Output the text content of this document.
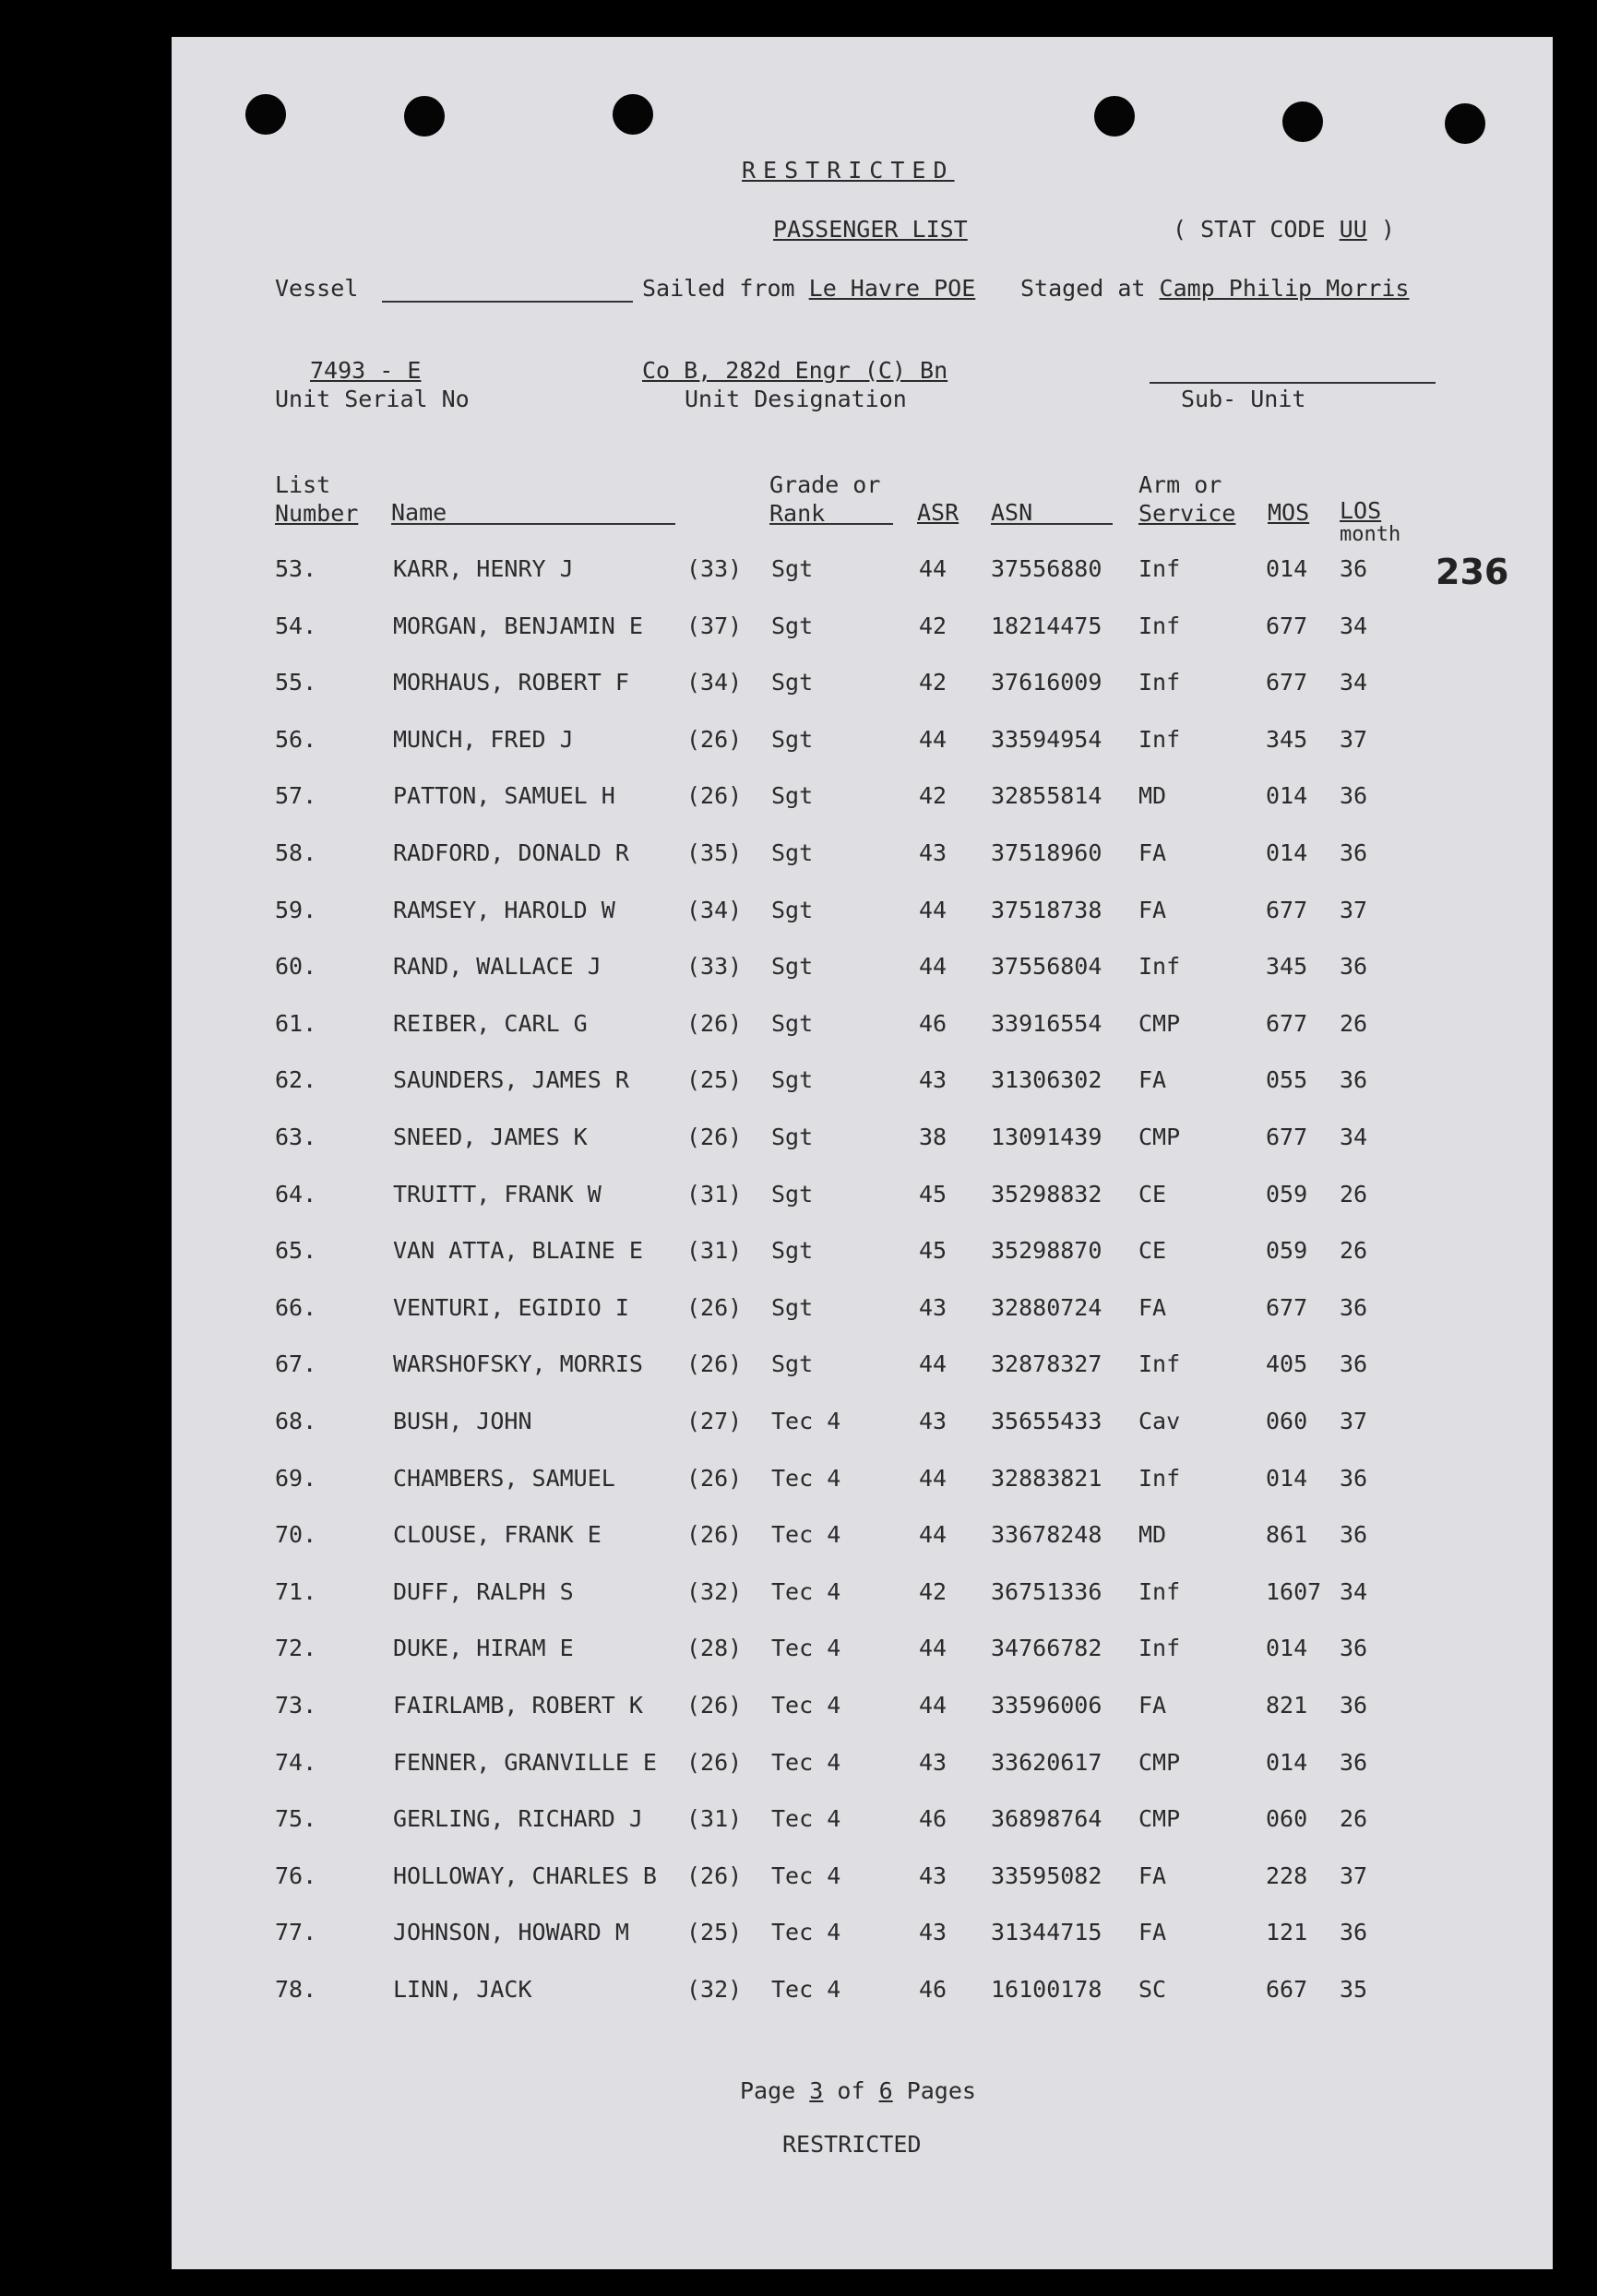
RESTRICTED
PASSENGER LIST	( STAT CODE UU )
Vessel	Sailed from Le Havre POE Staged at Camp Philip Morris
7493 - E
Unit Serial No
Co B, 282d Engr (C) Bn
Unit Designation	Sub- Unit
List
Number Name
Grade or
Rank	ASR ASN
Arm or
Service MOS LOS
month
236
53.	KARR, HENRY J	(33) Sgt	44 37556880 Inf	014 36
54.	MORGAN, BENJAMIN E (37) Sgt	42 18214475 Inf	677 34
55.	MORHAUS, ROBERT F (34) Sgt	42 37616009 Inf	677 34
56.	MUNCH, FRED J	(26) Sgt	44 33594954 Inf	345 37
57.	PATTON, SAMUEL H	(26) Sgt	42 32855814 MD	014 36
58.	RADFORD, DONALD R (35) Sgt	43 37518960 FA	014 36
59.	RAMSEY, HAROLD W	(34) Sgt	44 37518738 FA	677 37
60.	RAND, WALLACE J	(33) Sgt	44 37556804 Inf	345 36
61.	REIBER, CARL G	(26) Sgt	46 33916554 CMP	677 26
62.	SAUNDERS, JAMES R (25) Sgt	43 31306302 FA	055 36
63.	SNEED, JAMES K	(26) Sgt	38 13091439 CMP	677 34
64.	TRUITT, FRANK W	(31) Sgt	45 35298832 CE	059 26
65.	VAN ATTA, BLAINE E (31) Sgt	45 35298870 CE	059 26
66.	VENTURI, EGIDIO I (26) Sgt	43 32880724 FA	677 36
67.	WARSHOFSKY, MORRIS (26) Sgt	44 32878327 Inf	405 36
68.	BUSH, JOHN	(27) Tec 4	43 35655433 Cav	060 37
69.	CHAMBERS, SAMUEL	(26) Tec 4	44 32883821 Inf	014 36
70.	CLOUSE, FRANK E	(26) Tec 4	44 33678248 MD	861 36
71.	DUFF, RALPH S	(32) Tec 4	42 36751336 Inf	1607 34
72.	DUKE, HIRAM E	(28) Tec 4	44 34766782 Inf	014 36
73.	FAIRLAMB, ROBERT K (26) Tec 4	44 33596006 FA	821 36
74.	FENNER, GRANVILLE E (26) Tec 4	43 33620617 CMP	014 36
75.	GERLING, RICHARD J (31) Tec 4	46 36898764 CMP	060 26
76.	HOLLOWAY, CHARLES B (26) Tec 4	43 33595082 FA	228 37
77.	JOHNSON, HOWARD M (25) Tec 4	43 31344715 FA	121 36
78.	LINN, JACK	(32) Tec 4	46 16100178 SC	667 35
Page 3 of 6 Pages
RESTRICTED
